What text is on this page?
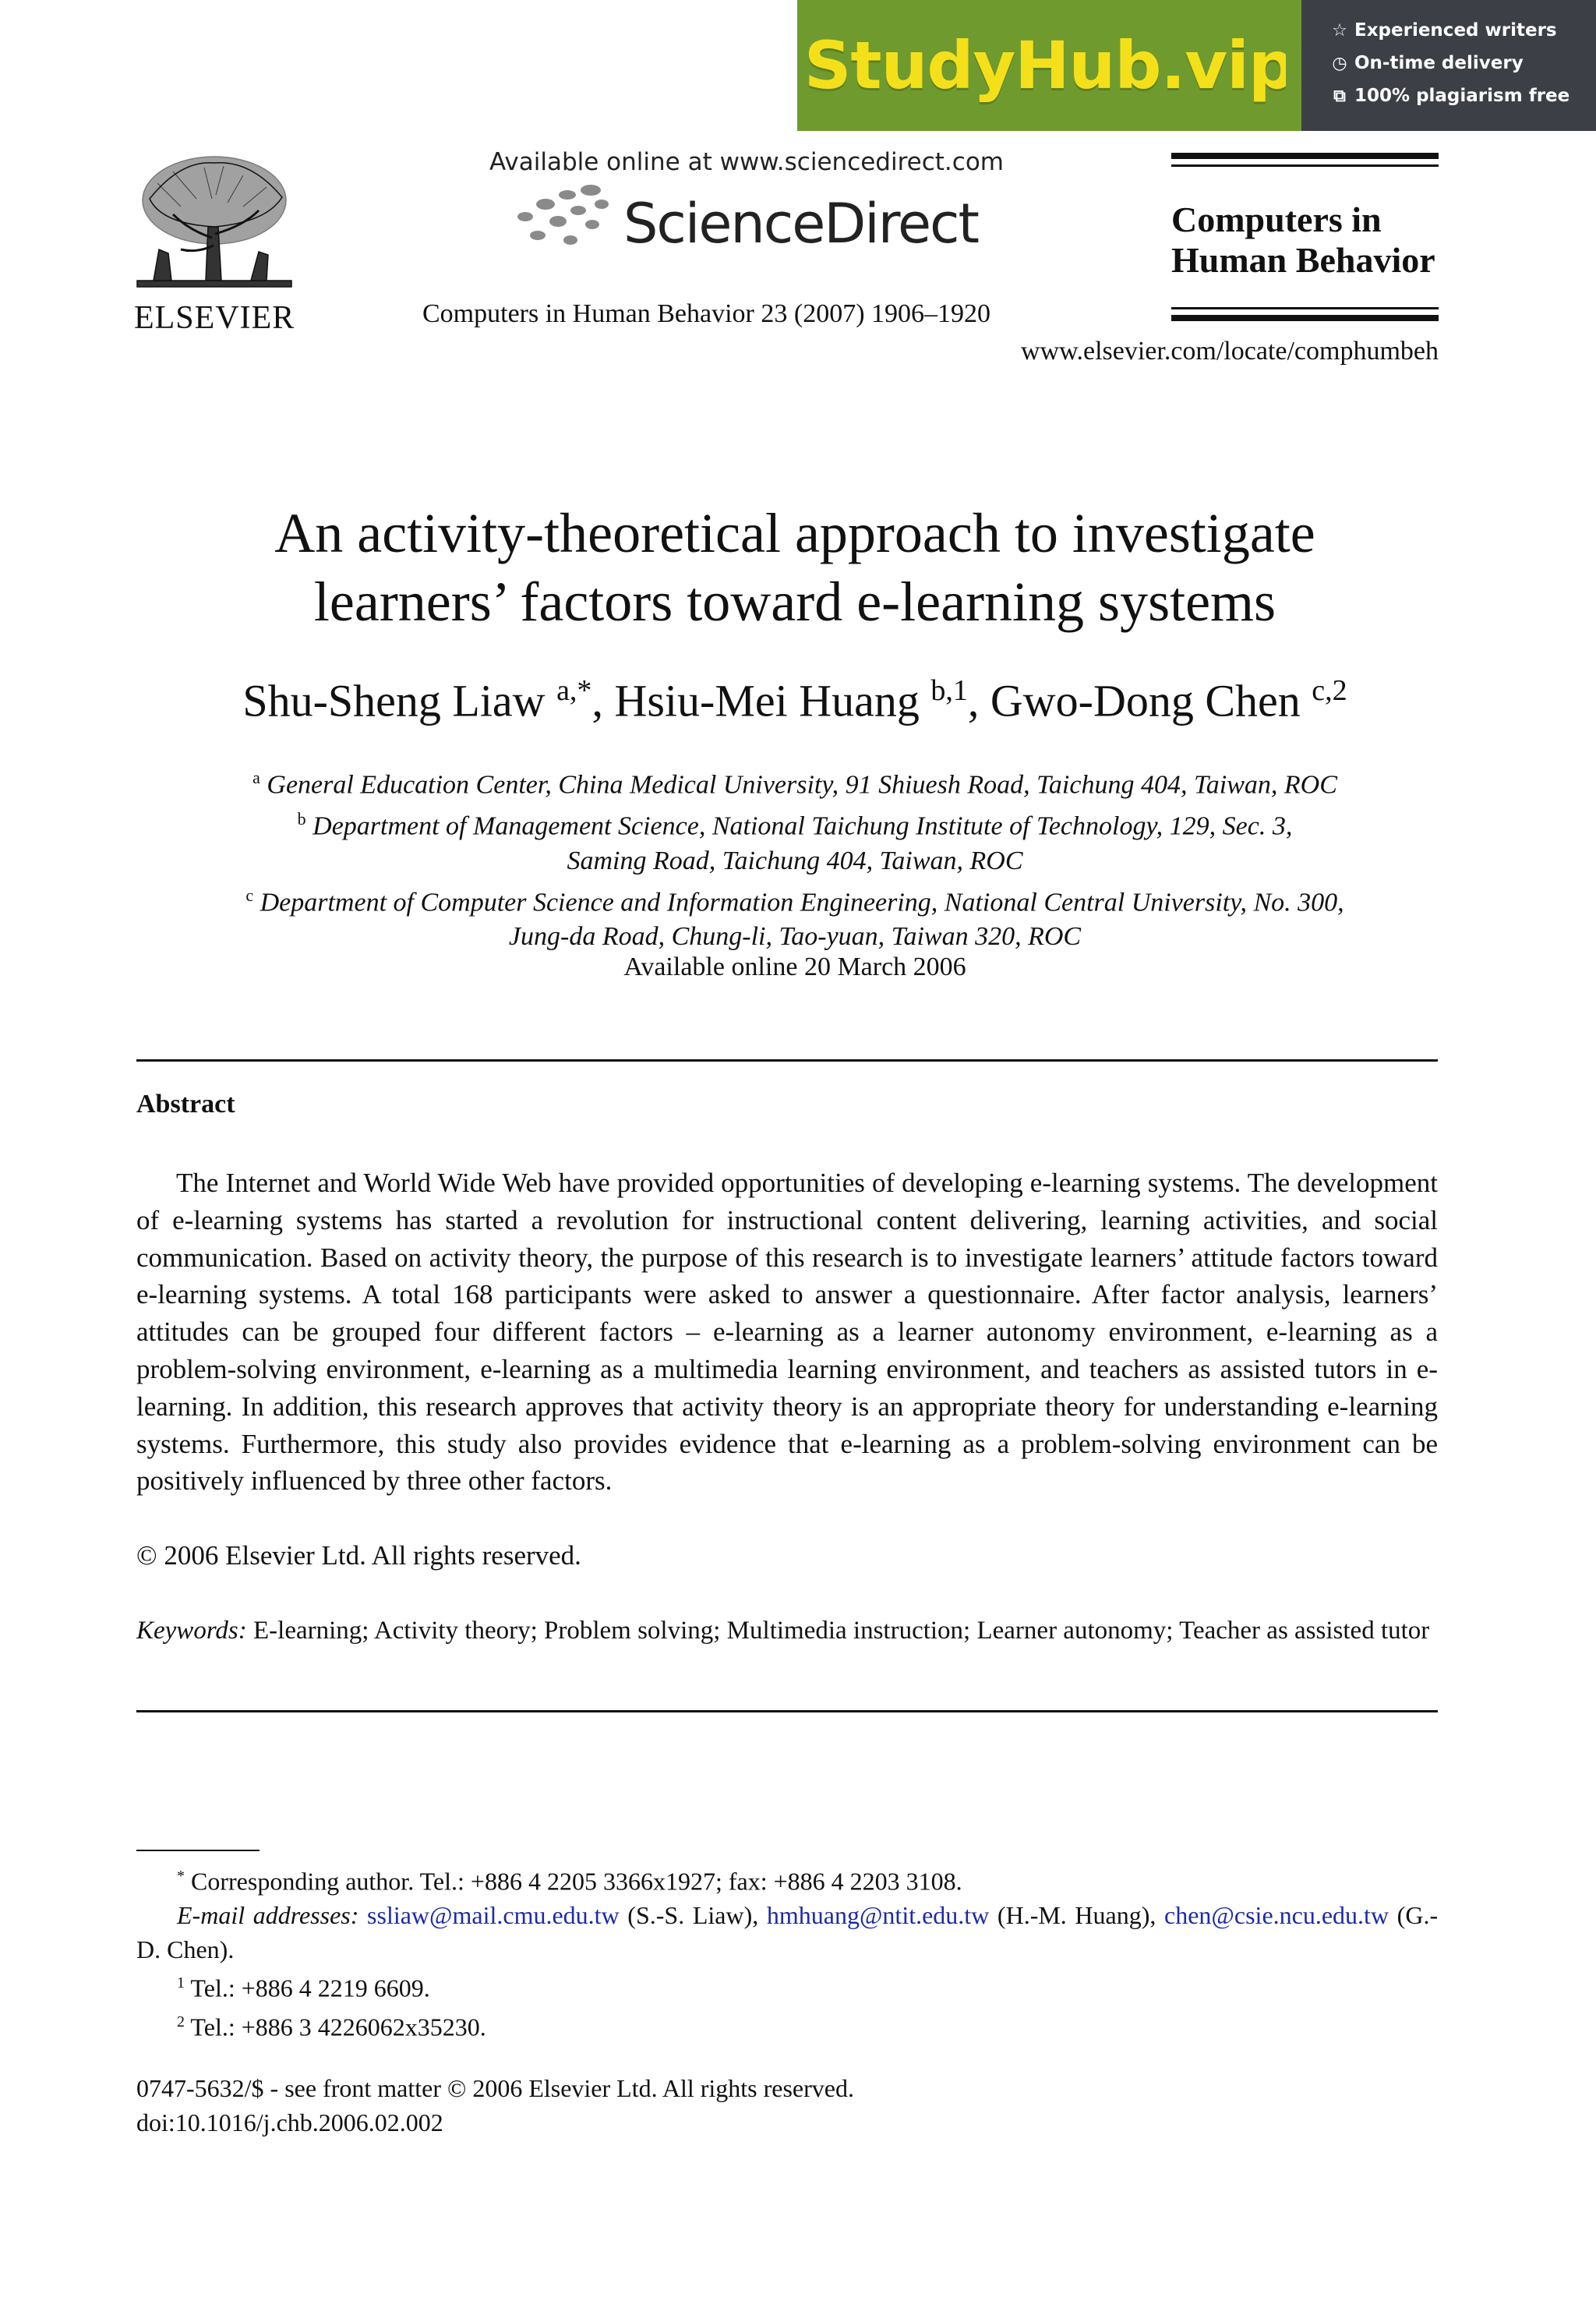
StudyHub.vip ☆ Experienced writers
◷ On-time delivery
⧉ 100% plagiarism free
ELSEVIER
Available online at www.sciencedirect.com
ScienceDirect
Computers in Human Behavior 23 (2007) 1906–1920
Computers in
Human Behavior
www.elsevier.com/locate/comphumbeh
An activity-theoretical approach to investigate
learners’ factors toward e-learning systems
Shu-Sheng Liaw $^{a,*}$, Hsiu-Mei Huang $^{b,1}$, Gwo-Dong Chen $^{c,2}$
$^a$ General Education Center, China Medical University, 91 Shiuesh Road, Taichung 404, Taiwan, ROC
$^b$ Department of Management Science, National Taichung Institute of Technology, 129, Sec. 3,
Saming Road, Taichung 404, Taiwan, ROC
$^c$ Department of Computer Science and Information Engineering, National Central University, No. 300,
Jung-da Road, Chung-li, Tao-yuan, Taiwan 320, ROC
Available online 20 March 2006
Abstract
The Internet and World Wide Web have provided opportunities of developing e-learning systems. The development of e-learning systems has started a revolution for instructional content delivering, learning activities, and social communication. Based on activity theory, the purpose of this research is to investigate learners’ attitude factors toward e-learning systems. A total 168 participants were asked to answer a questionnaire. After factor analysis, learners’ attitudes can be grouped four different factors – e-learning as a learner autonomy environment, e-learning as a problem-solving environment, e-learning as a multimedia learning environment, and teachers as assisted tutors in e-learning. In addition, this research approves that activity theory is an appropriate theory for understanding e-learning systems. Furthermore, this study also provides evidence that e-learning as a problem-solving environment can be positively influenced by three other factors.
© 2006 Elsevier Ltd. All rights reserved.
Keywords: E-learning; Activity theory; Problem solving; Multimedia instruction; Learner autonomy; Teacher as assisted tutor
* Corresponding author. Tel.: +886 4 2205 3366x1927; fax: +886 4 2203 3108.
E-mail addresses: ssliaw@mail.cmu.edu.tw (S.-S. Liaw), hmhuang@ntit.edu.tw (H.-M. Huang), chen@csie.ncu.edu.tw (G.-D. Chen).
$^1$ Tel.: +886 4 2219 6609.
$^2$ Tel.: +886 3 4226062x35230.
0747-5632/$ - see front matter © 2006 Elsevier Ltd. All rights reserved.
doi:10.1016/j.chb.2006.02.002
